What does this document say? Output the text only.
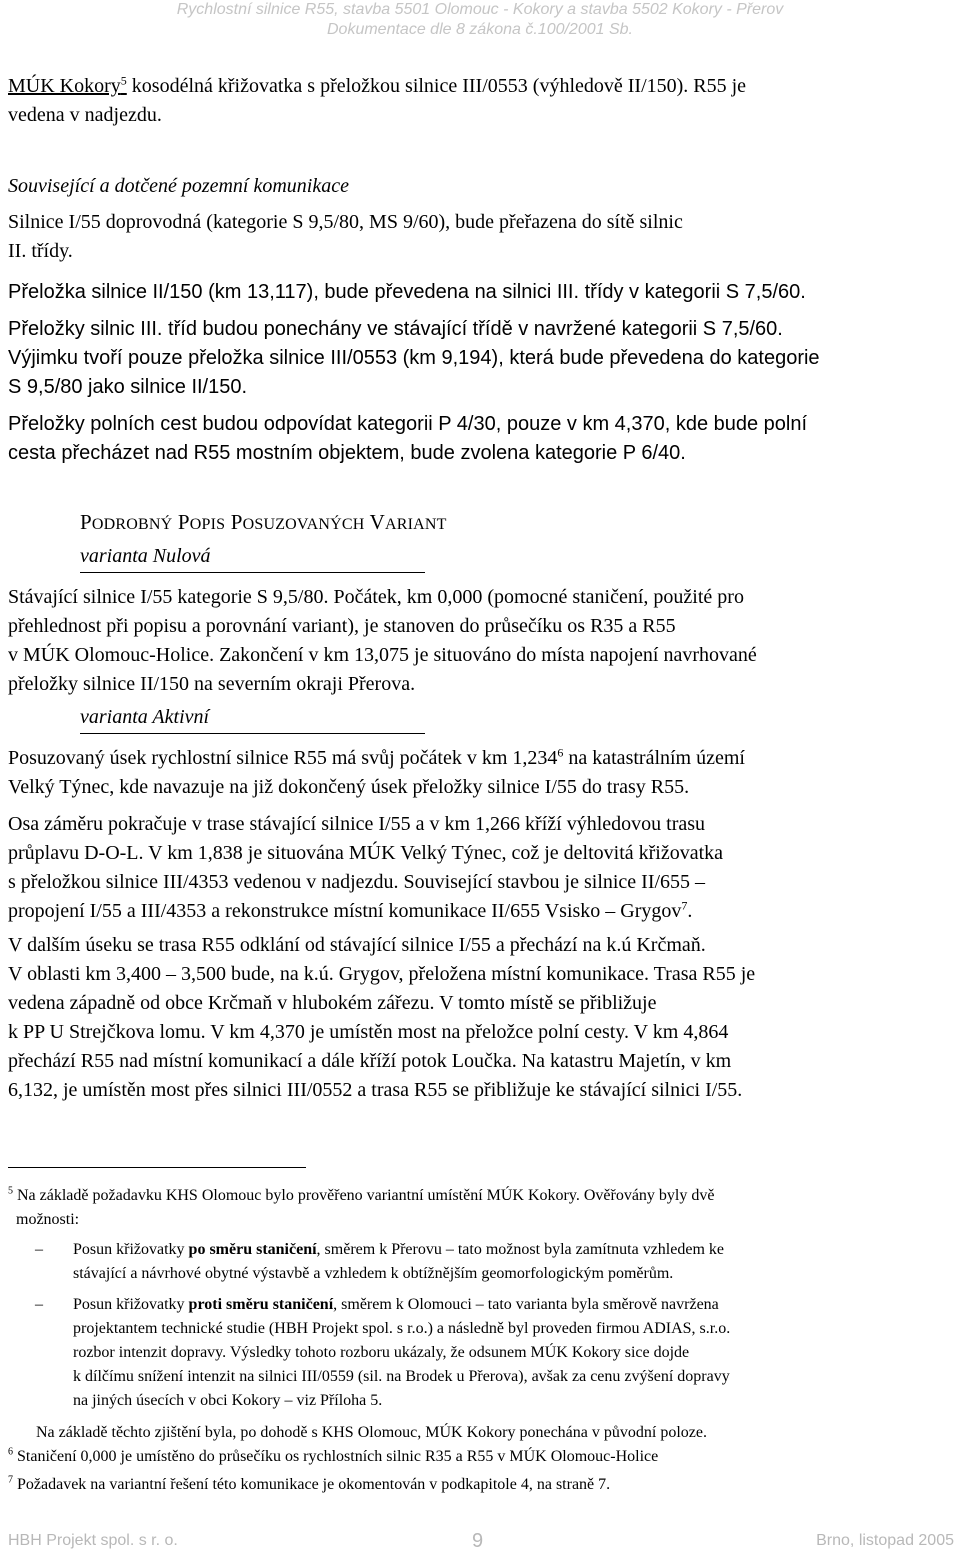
Rychlostní silnice R55, stavba 5501 Olomouc - Kokory a stavba 5502 Kokory - Přerov
Dokumentace dle 8 zákona č.100/2001 Sb.
MÚK Kokory$^5$ kosodélná křižovatka s přeložkou silnice III/0553 (výhledově II/150). R55 je
vedena v nadjezdu.
Související a dotčené pozemní komunikace
Silnice I/55 doprovodná (kategorie S 9,5/80, MS 9/60), bude přeřazena do sítě silnic
II. třídy.
Přeložka silnice II/150 (km 13,117), bude převedena na silnici III. třídy v kategorii S 7,5/60.
Přeložky silnic III. tříd budou ponechány ve stávající třídě v navržené kategorii S 7,5/60.
Výjimku tvoří pouze přeložka silnice III/0553 (km 9,194), která bude převedena do kategorie
S 9,5/80 jako silnice II/150.
Přeložky polních cest budou odpovídat kategorii P 4/30, pouze v km 4,370, kde bude polní
cesta přecházet nad R55 mostním objektem, bude zvolena kategorie P 6/40.
PODROBNÝ POPIS POSUZOVANÝCH VARIANT
varianta Nulová
Stávající silnice I/55 kategorie S 9,5/80. Počátek, km 0,000 (pomocné staničení, použité pro
přehlednost při popisu a porovnání variant), je stanoven do průsečíku os R35 a R55
v MÚK Olomouc-Holice. Zakončení v km 13,075 je situováno do místa napojení navrhované
přeložky silnice II/150 na severním okraji Přerova.
varianta Aktivní
Posuzovaný úsek rychlostní silnice R55 má svůj počátek v km 1,234$^6$ na katastrálním území
Velký Týnec, kde navazuje na již dokončený úsek přeložky silnice I/55 do trasy R55.
Osa záměru pokračuje v trase stávající silnice I/55 a v km 1,266 kříží výhledovou trasu
průplavu D-O-L. V km 1,838 je situována MÚK Velký Týnec, což je deltovitá křižovatka
s přeložkou silnice III/4353 vedenou v nadjezdu. Související stavbou je silnice II/655 –
propojení I/55 a III/4353 a rekonstrukce místní komunikace II/655 Vsisko – Grygov$^7$.
V dalším úseku se trasa R55 odklání od stávající silnice I/55 a přechází na k.ú Krčmaň.
V oblasti km 3,400 – 3,500 bude, na k.ú. Grygov, přeložena místní komunikace. Trasa R55 je
vedena západně od obce Krčmaň v hlubokém zářezu. V tomto místě se přibližuje
k PP U Strejčkova lomu. V km 4,370 je umístěn most na přeložce polní cesty. V km 4,864
přechází R55 nad místní komunikací a dále kříží potok Loučka. Na katastru Majetín, v km
6,132, je umístěn most přes silnici III/0552 a trasa R55 se přibližuje ke stávající silnici I/55.
$^5$ Na základě požadavku KHS Olomouc bylo prověřeno variantní umístění MÚK Kokory. Ověřovány byly dvě
možnosti:
–	Posun křižovatky po směru staničení, směrem k Přerovu – tato možnost byla zamítnuta vzhledem ke
stávající a návrhové obytné výstavbě a vzhledem k obtížnějším geomorfologickým poměrům.
–	Posun křižovatky proti směru staničení, směrem k Olomouci – tato varianta byla směrově navržena
projektantem technické studie (HBH Projekt spol. s r.o.) a následně byl proveden firmou ADIAS, s.r.o.
rozbor intenzit dopravy. Výsledky tohoto rozboru ukázaly, že odsunem MÚK Kokory sice dojde
k dílčímu snížení intenzit na silnici III/0559 (sil. na Brodek u Přerova), avšak za cenu zvýšení dopravy
na jiných úsecích v obci Kokory – viz Příloha 5.
Na základě těchto zjištění byla, po dohodě s KHS Olomouc, MÚK Kokory ponechána v původní poloze.
$^6$ Staničení 0,000 je umístěno do průsečíku os rychlostních silnic R35 a R55 v MÚK Olomouc-Holice
$^7$ Požadavek na variantní řešení této komunikace je okomentován v podkapitole 4, na straně 7.
HBH Projekt spol. s r. o.	9	Brno, listopad 2005
